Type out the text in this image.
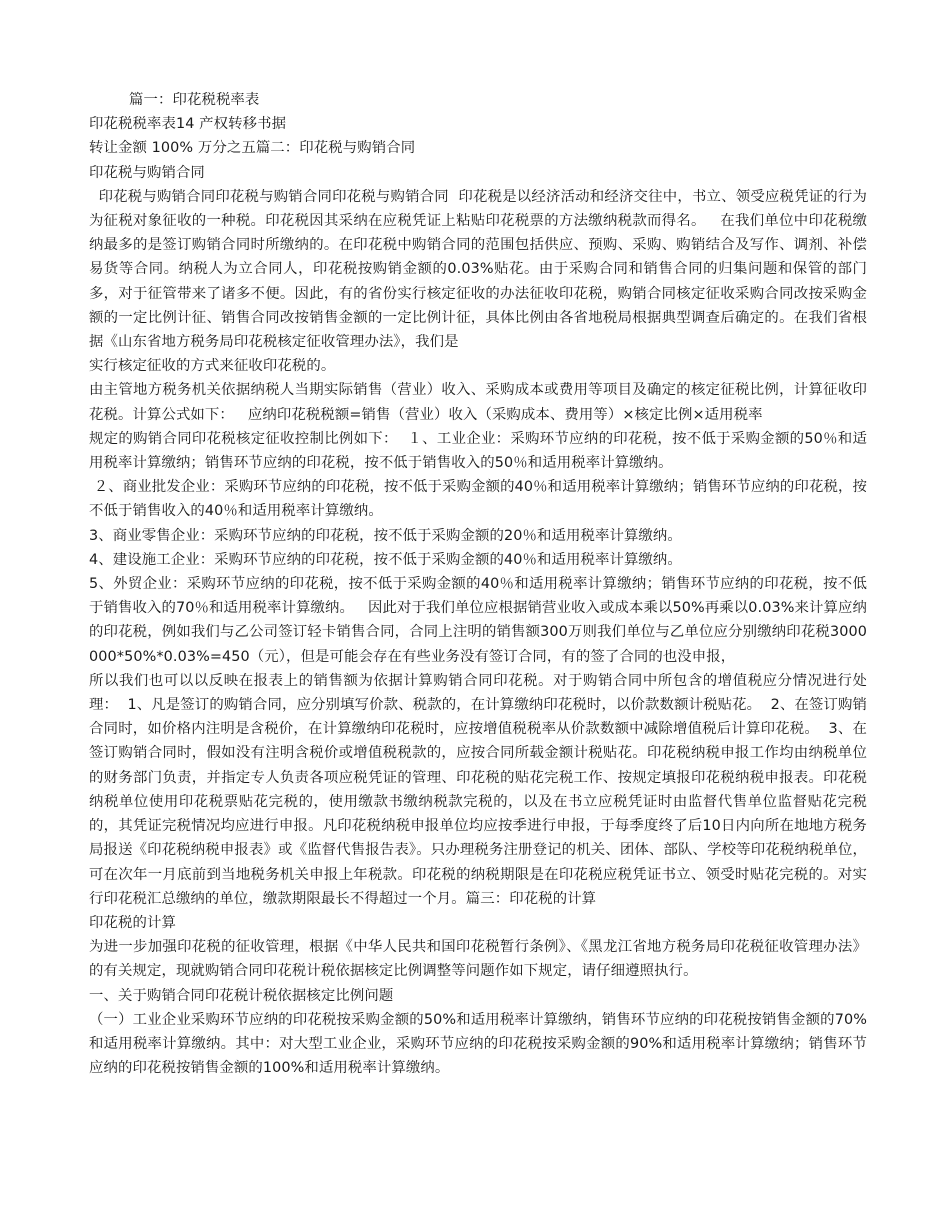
篇一：印花税税率表

印花税税率表14 产权转移书据

转让金额 100% 万分之五篇二：印花税与购销合同

印花税与购销合同

印花税与购销合同印花税与购销合同印花税与购销合同  印花税是以经济活动和经济交往中，书立、领受应税凭证的行为为征税对象征收的一种税。印花税因其采纳在应税凭证上粘贴印花税票的方法缴纳税款而得名。   在我们单位中印花税缴纳最多的是签订购销合同时所缴纳的。在印花税中购销合同的范围包括供应、预购、采购、购销结合及写作、调剂、补偿易货等合同。纳税人为立合同人，印花税按购销金额的0.03%贴花。由于采购合同和销售合同的归集问题和保管的部门多，对于征管带来了诸多不便。因此，有的省份实行核定征收的办法征收印花税，购销合同核定征收采购合同改按采购金额的一定比例计征、销售合同改按销售金额的一定比例计征，具体比例由各省地税局根据典型调查后确定的。在我们省根据《山东省地方税务局印花税核定征收管理办法》，我们是

实行核定征收的方式来征收印花税的。

由主管地方税务机关依据纳税人当期实际销售（营业）收入、采购成本或费用等项目及确定的核定征税比例，计算征收印花税。计算公式如下：   应纳印花税税额=销售（营业）收入（采购成本、费用等）×核定比例×适用税率

规定的购销合同印花税核定征收控制比例如下：  １、工业企业：采购环节应纳的印花税，按不低于采购金额的50％和适用税率计算缴纳；销售环节应纳的印花税，按不低于销售收入的50％和适用税率计算缴纳。

２、商业批发企业：采购环节应纳的印花税，按不低于采购金额的40％和适用税率计算缴纳；销售环节应纳的印花税，按不低于销售收入的40％和适用税率计算缴纳。

3、商业零售企业：采购环节应纳的印花税，按不低于采购金额的20％和适用税率计算缴纳。

4、建设施工企业：采购环节应纳的印花税，按不低于采购金额的40％和适用税率计算缴纳。

5、外贸企业：采购环节应纳的印花税，按不低于采购金额的40％和适用税率计算缴纳；销售环节应纳的印花税，按不低于销售收入的70％和适用税率计算缴纳。   因此对于我们单位应根据销营业收入或成本乘以50%再乘以0.03%来计算应纳的印花税，例如我们与乙公司签订轻卡销售合同，合同上注明的销售额300万则我们单位与乙单位应分别缴纳印花税3000000*50%*0.03%=450（元），但是可能会存在有些业务没有签订合同，有的签了合同的也没申报，

所以我们也可以以反映在报表上的销售额为依据计算购销合同印花税。对于购销合同中所包含的增值税应分情况进行处理：  1、凡是签订的购销合同，应分别填写价款、税款的，在计算缴纳印花税时，以价款数额计税贴花。  2、在签订购销合同时，如价格内注明是含税价，在计算缴纳印花税时，应按增值税税率从价款数额中减除增值税后计算印花税。  3、在签订购销合同时，假如没有注明含税价或增值税税款的，应按合同所载金额计税贴花。印花税纳税申报工作均由纳税单位的财务部门负责，并指定专人负责各项应税凭证的管理、印花税的贴花完税工作、按规定填报印花税纳税申报表。印花税纳税单位使用印花税票贴花完税的，使用缴款书缴纳税款完税的，以及在书立应税凭证时由监督代售单位监督贴花完税的，其凭证完税情况均应进行申报。凡印花税纳税申报单位均应按季进行申报，于每季度终了后10日内向所在地地方税务局报送《印花税纳税申报表》或《监督代售报告表》。只办理税务注册登记的机关、团体、部队、学校等印花税纳税单位，可在次年一月底前到当地税务机关申报上年税款。印花税的纳税期限是在印花税应税凭证书立、领受时贴花完税的。对实行印花税汇总缴纳的单位，缴款期限最长不得超过一个月。篇三：印花税的计算

印花税的计算

为进一步加强印花税的征收管理，根据《中华人民共和国印花税暂行条例》、《黑龙江省地方税务局印花税征收管理办法》的有关规定，现就购销合同印花税计税依据核定比例调整等问题作如下规定，请仔细遵照执行。

一、关于购销合同印花税计税依据核定比例问题

（一）工业企业采购环节应纳的印花税按采购金额的50%和适用税率计算缴纳，销售环节应纳的印花税按销售金额的70%和适用税率计算缴纳。其中：对大型工业企业，采购环节应纳的印花税按采购金额的90%和适用税率计算缴纳；销售环节应纳的印花税按销售金额的100%和适用税率计算缴纳。
